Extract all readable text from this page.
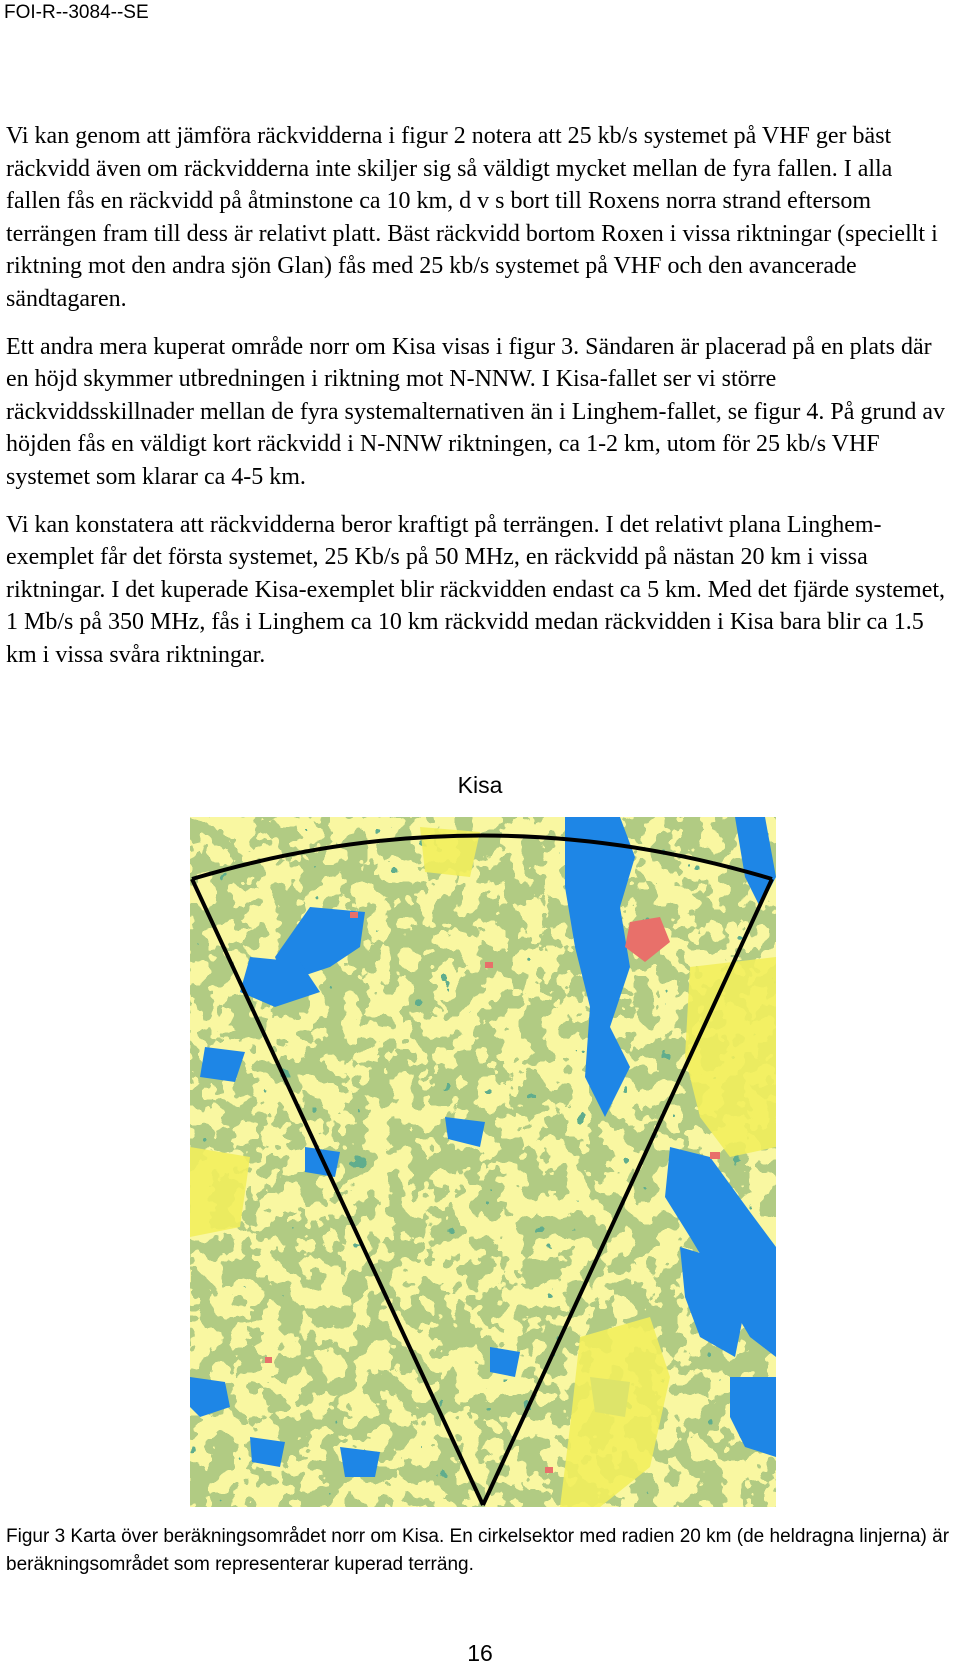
FOI-R--3084--SE

Vi kan genom att jämföra räckvidderna i figur 2 notera att 25 kb/s systemet på VHF ger bäst räckvidd även om räckvidderna inte skiljer sig så väldigt mycket mellan de fyra fallen. I alla fallen fås en räckvidd på åtminstone ca 10 km, d v s bort till Roxens norra strand eftersom terrängen fram till dess är relativt platt. Bäst räckvidd bortom Roxen i vissa riktningar (speciellt i riktning mot den andra sjön Glan) fås med 25 kb/s systemet på VHF och den avancerade sändtagaren.

Ett andra mera kuperat område norr om Kisa visas i figur 3. Sändaren är placerad på en plats där en höjd skymmer utbredningen i riktning mot N-NNW. I Kisa-fallet ser vi större räckviddsskillnader mellan de fyra systemalternativen än i Linghem-fallet, se figur 4. På grund av höjden fås en väldigt kort räckvidd i N-NNW riktningen, ca 1-2 km, utom för 25 kb/s VHF systemet som klarar ca 4-5 km.

Vi kan konstatera att räckvidderna beror kraftigt på terrängen. I det relativt plana Linghem-exemplet får det första systemet, 25 Kb/s på 50 MHz, en räckvidd på nästan 20 km i vissa riktningar. I det kuperade Kisa-exemplet blir räckvidden endast ca 5 km. Med det fjärde systemet, 1 Mb/s på 350 MHz, fås i Linghem ca 10 km räckvidd medan räckvidden i Kisa bara blir ca 1.5 km i vissa svåra riktningar.

Kisa
Figur 3 Karta över beräkningsområdet norr om Kisa. En cirkelsektor med radien 20 km (de heldragna linjerna) är beräkningsområdet som representerar kuperad terräng.
16
